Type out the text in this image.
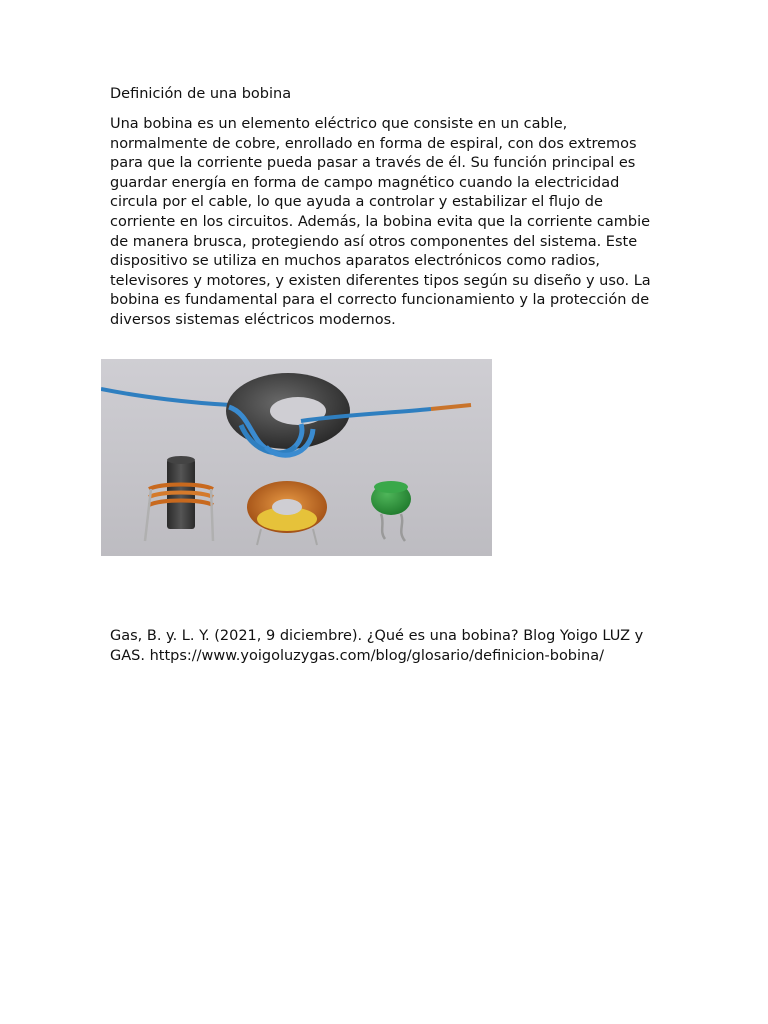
Definición de una bobina

Una bobina es un elemento eléctrico que consiste en un cable, normalmente de cobre, enrollado en forma de espiral, con dos extremos para que la corriente pueda pasar a través de él. Su función principal es guardar energía en forma de campo magnético cuando la electricidad circula por el cable, lo que ayuda a controlar y estabilizar el flujo de corriente en los circuitos. Además, la bobina evita que la corriente cambie de manera brusca, protegiendo así otros componentes del sistema. Este dispositivo se utiliza en muchos aparatos electrónicos como radios, televisores y motores, y existen diferentes tipos según su diseño y uso. La bobina es fundamental para el correcto funcionamiento y la protección de diversos sistemas eléctricos modernos.

Gas, B. y. L. Y. (2021, 9 diciembre). ¿Qué es una bobina? Blog Yoigo LUZ y GAS. https://www.yoigoluzygas.com/blog/glosario/definicion-bobina/
